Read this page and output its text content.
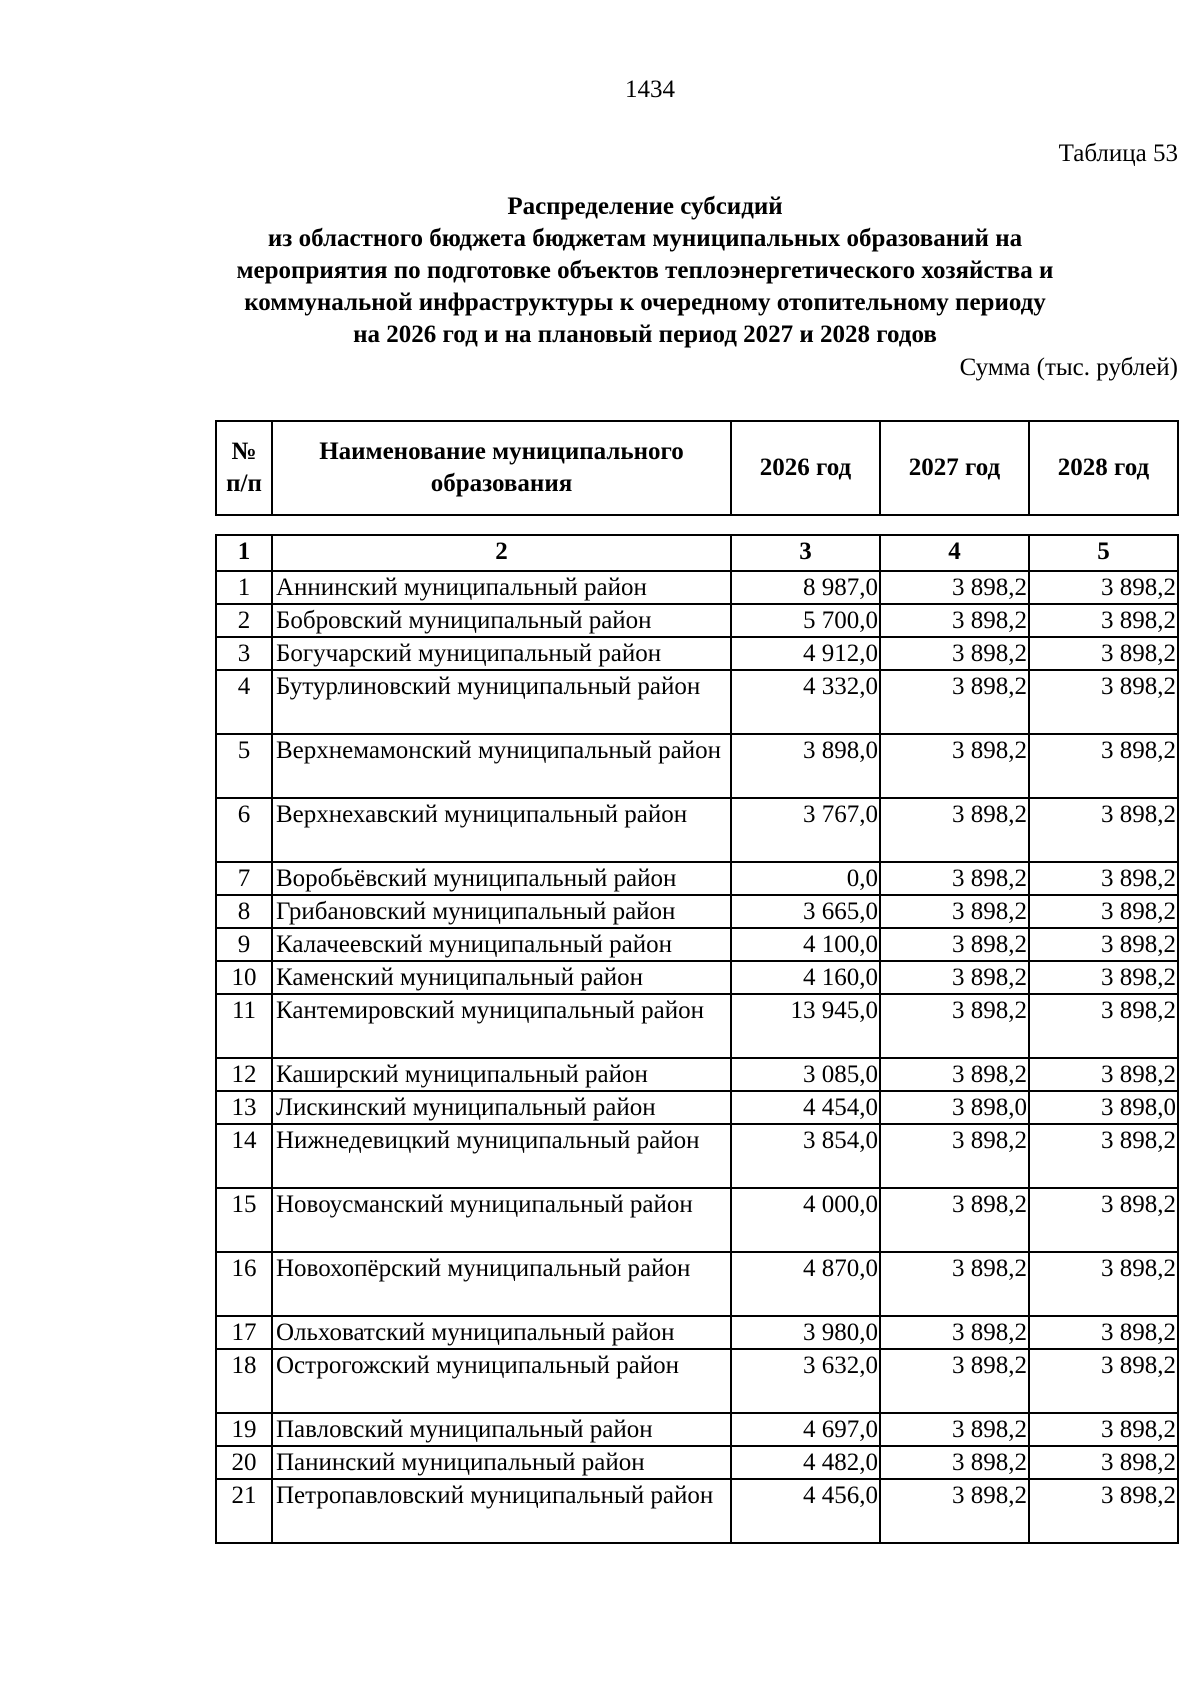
1434
Таблица 53
Распределение субсидий
из областного бюджета бюджетам муниципальных образований на
мероприятия по подготовке объектов теплоэнергетического хозяйства и
коммунальной инфраструктуры к очередному отопительному периоду
на 2026 год и на плановый период 2027 и 2028 годов
Сумма (тыс. рублей)
№ п/п	Наименование муниципального образования	2026 год	2027 год	2028 год
1	2	3	4	5
1	Аннинский муниципальный район	8 987,0	3 898,2	3 898,2
2	Бобровский муниципальный район	5 700,0	3 898,2	3 898,2
3	Богучарский муниципальный район	4 912,0	3 898,2	3 898,2
4	Бутурлиновский муниципальный район	4 332,0	3 898,2	3 898,2
5	Верхнемамонский муниципальный район	3 898,0	3 898,2	3 898,2
6	Верхнехавский муниципальный район	3 767,0	3 898,2	3 898,2
7	Воробьёвский муниципальный район	0,0	3 898,2	3 898,2
8	Грибановский муниципальный район	3 665,0	3 898,2	3 898,2
9	Калачеевский муниципальный район	4 100,0	3 898,2	3 898,2
10	Каменский муниципальный район	4 160,0	3 898,2	3 898,2
11	Кантемировский муниципальный район	13 945,0	3 898,2	3 898,2
12	Каширский муниципальный район	3 085,0	3 898,2	3 898,2
13	Лискинский муниципальный район	4 454,0	3 898,0	3 898,0
14	Нижнедевицкий муниципальный район	3 854,0	3 898,2	3 898,2
15	Новоусманский муниципальный район	4 000,0	3 898,2	3 898,2
16	Новохопёрский муниципальный район	4 870,0	3 898,2	3 898,2
17	Ольховатский муниципальный район	3 980,0	3 898,2	3 898,2
18	Острогожский муниципальный район	3 632,0	3 898,2	3 898,2
19	Павловский муниципальный район	4 697,0	3 898,2	3 898,2
20	Панинский муниципальный район	4 482,0	3 898,2	3 898,2
21	Петропавловский муниципальный район	4 456,0	3 898,2	3 898,2
